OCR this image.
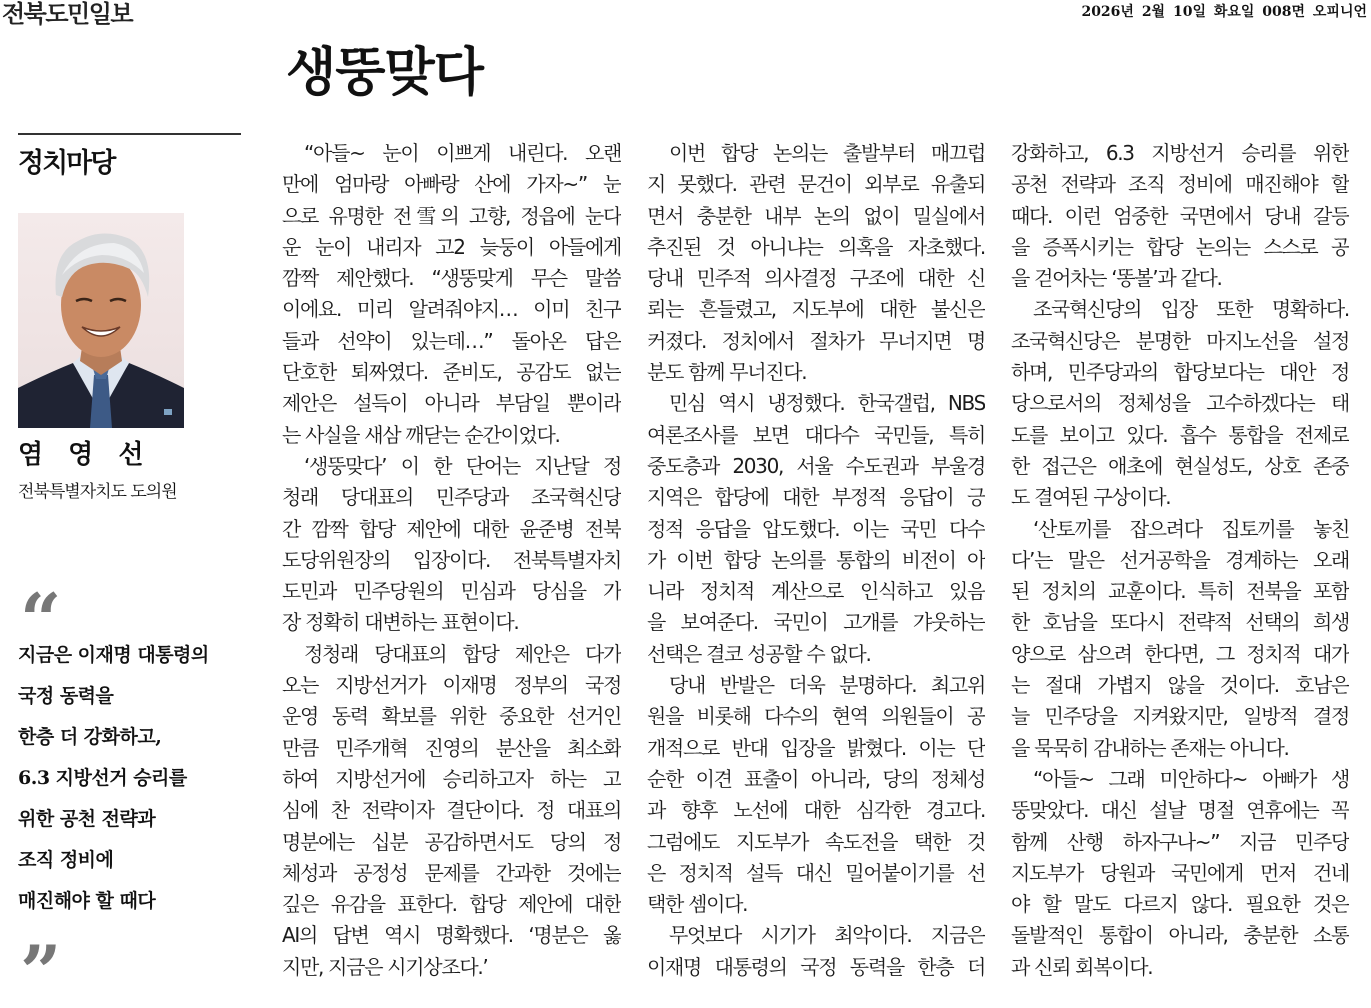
전북도민일보	2026년 2월 10일 화요일 008면 오피니언
생뚱맞다
정치마당
염 영 선
전북특별자치도 도의원
“
지금은 이재명 대통령의
국정 동력을
한층 더 강화하고,
6.3 지방선거 승리를
위한 공천 전략과
조직 정비에
매진해야 할 때다
”
“아들~ 눈이 이쁘게 내린다. 오랜
만에 엄마랑 아빠랑 산에 가자~” 눈
으로 유명한 전雪의 고향, 정읍에 눈다
운 눈이 내리자 고2 늦둥이 아들에게
깜짝 제안했다. “생뚱맞게 무슨 말씀
이에요. 미리 알려줘야지… 이미 친구
들과 선약이 있는데…” 돌아온 답은
단호한 퇴짜였다. 준비도, 공감도 없는
제안은 설득이 아니라 부담일 뿐이라
는 사실을 새삼 깨닫는 순간이었다.
‘생뚱맞다’ 이 한 단어는 지난달 정
청래 당대표의 민주당과 조국혁신당
간 깜짝 합당 제안에 대한 윤준병 전북
도당위원장의 입장이다. 전북특별자치
도민과 민주당원의 민심과 당심을 가
장 정확히 대변하는 표현이다.
정청래 당대표의 합당 제안은 다가
오는 지방선거가 이재명 정부의 국정
운영 동력 확보를 위한 중요한 선거인
만큼 민주개혁 진영의 분산을 최소화
하여 지방선거에 승리하고자 하는 고
심에 찬 전략이자 결단이다. 정 대표의
명분에는 십분 공감하면서도 당의 정
체성과 공정성 문제를 간과한 것에는
깊은 유감을 표한다. 합당 제안에 대한
AI의 답변 역시 명확했다. ‘명분은 옳
지만, 지금은 시기상조다.’
이번 합당 논의는 출발부터 매끄럽
지 못했다. 관련 문건이 외부로 유출되
면서 충분한 내부 논의 없이 밀실에서
추진된 것 아니냐는 의혹을 자초했다.
당내 민주적 의사결정 구조에 대한 신
뢰는 흔들렸고, 지도부에 대한 불신은
커졌다. 정치에서 절차가 무너지면 명
분도 함께 무너진다.
민심 역시 냉정했다. 한국갤럽, NBS
여론조사를 보면 대다수 국민들, 특히
중도층과 2030, 서울 수도권과 부울경
지역은 합당에 대한 부정적 응답이 긍
정적 응답을 압도했다. 이는 국민 다수
가 이번 합당 논의를 통합의 비전이 아
니라 정치적 계산으로 인식하고 있음
을 보여준다. 국민이 고개를 갸웃하는
선택은 결코 성공할 수 없다.
당내 반발은 더욱 분명하다. 최고위
원을 비롯해 다수의 현역 의원들이 공
개적으로 반대 입장을 밝혔다. 이는 단
순한 이견 표출이 아니라, 당의 정체성
과 향후 노선에 대한 심각한 경고다.
그럼에도 지도부가 속도전을 택한 것
은 정치적 설득 대신 밀어붙이기를 선
택한 셈이다.
무엇보다 시기가 최악이다. 지금은
이재명 대통령의 국정 동력을 한층 더
강화하고, 6.3 지방선거 승리를 위한
공천 전략과 조직 정비에 매진해야 할
때다. 이런 엄중한 국면에서 당내 갈등
을 증폭시키는 합당 논의는 스스로 공
을 걷어차는 ‘똥볼’과 같다.
조국혁신당의 입장 또한 명확하다.
조국혁신당은 분명한 마지노선을 설정
하며, 민주당과의 합당보다는 대안 정
당으로서의 정체성을 고수하겠다는 태
도를 보이고 있다. 흡수 통합을 전제로
한 접근은 애초에 현실성도, 상호 존중
도 결여된 구상이다.
‘산토끼를 잡으려다 집토끼를 놓친
다’는 말은 선거공학을 경계하는 오래
된 정치의 교훈이다. 특히 전북을 포함
한 호남을 또다시 전략적 선택의 희생
양으로 삼으려 한다면, 그 정치적 대가
는 절대 가볍지 않을 것이다. 호남은
늘 민주당을 지켜왔지만, 일방적 결정
을 묵묵히 감내하는 존재는 아니다.
“아들~ 그래 미안하다~ 아빠가 생
뚱맞았다. 대신 설날 명절 연휴에는 꼭
함께 산행 하자구나~” 지금 민주당
지도부가 당원과 국민에게 먼저 건네
야 할 말도 다르지 않다. 필요한 것은
돌발적인 통합이 아니라, 충분한 소통
과 신뢰 회복이다.
